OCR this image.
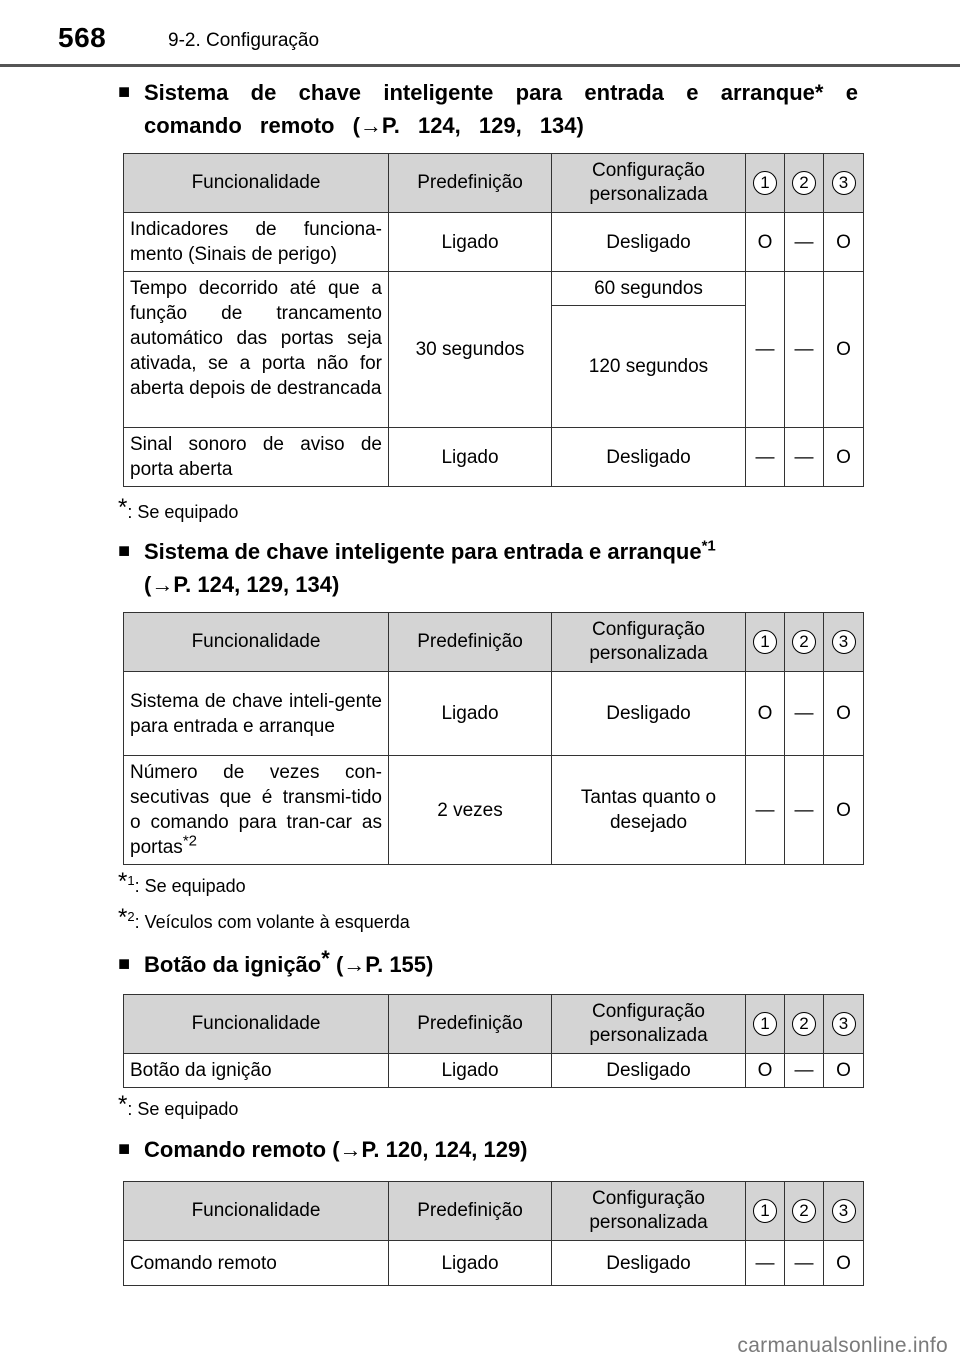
568	9-2. Configuração
■ Sistema de chave inteligente para entrada e arranque* e comando remoto (→P. 124, 129, 134)
Funcionalidade	Predefinição	Configuração personalizada	1	2	3
Indicadores de funciona-mento (Sinais de perigo)	Ligado	Desligado	O	—	O
Tempo decorrido até que a função de trancamento automático das portas seja ativada, se a porta não for aberta depois de destrancada	30 segundos	60 segundos	—	—	O
		120 segundos			
Sinal sonoro de aviso de porta aberta	Ligado	Desligado	—	—	O
*: Se equipado
■ Sistema de chave inteligente para entrada e arranque$^{*1}$
(→P. 124, 129, 134)
Funcionalidade	Predefinição	Configuração personalizada	1	2	3
Sistema de chave inteli-gente para entrada e arranque	Ligado	Desligado	O	—	O
Número de vezes con-secutivas que é transmi-tido o comando para tran-car as portas$^{*2}$	2 vezes	Tantas quanto o desejado	—	—	O
*$^1$: Se equipado
*$^2$: Veículos com volante à esquerda
■ Botão da ignição* (→P. 155)
Funcionalidade	Predefinição	Configuração personalizada	1	2	3
Botão da ignição	Ligado	Desligado	O	—	O
*: Se equipado
■ Comando remoto (→P. 120, 124, 129)
Funcionalidade	Predefinição	Configuração personalizada	1	2	3
Comando remoto	Ligado	Desligado	—	—	O
carmanualsonline.info
